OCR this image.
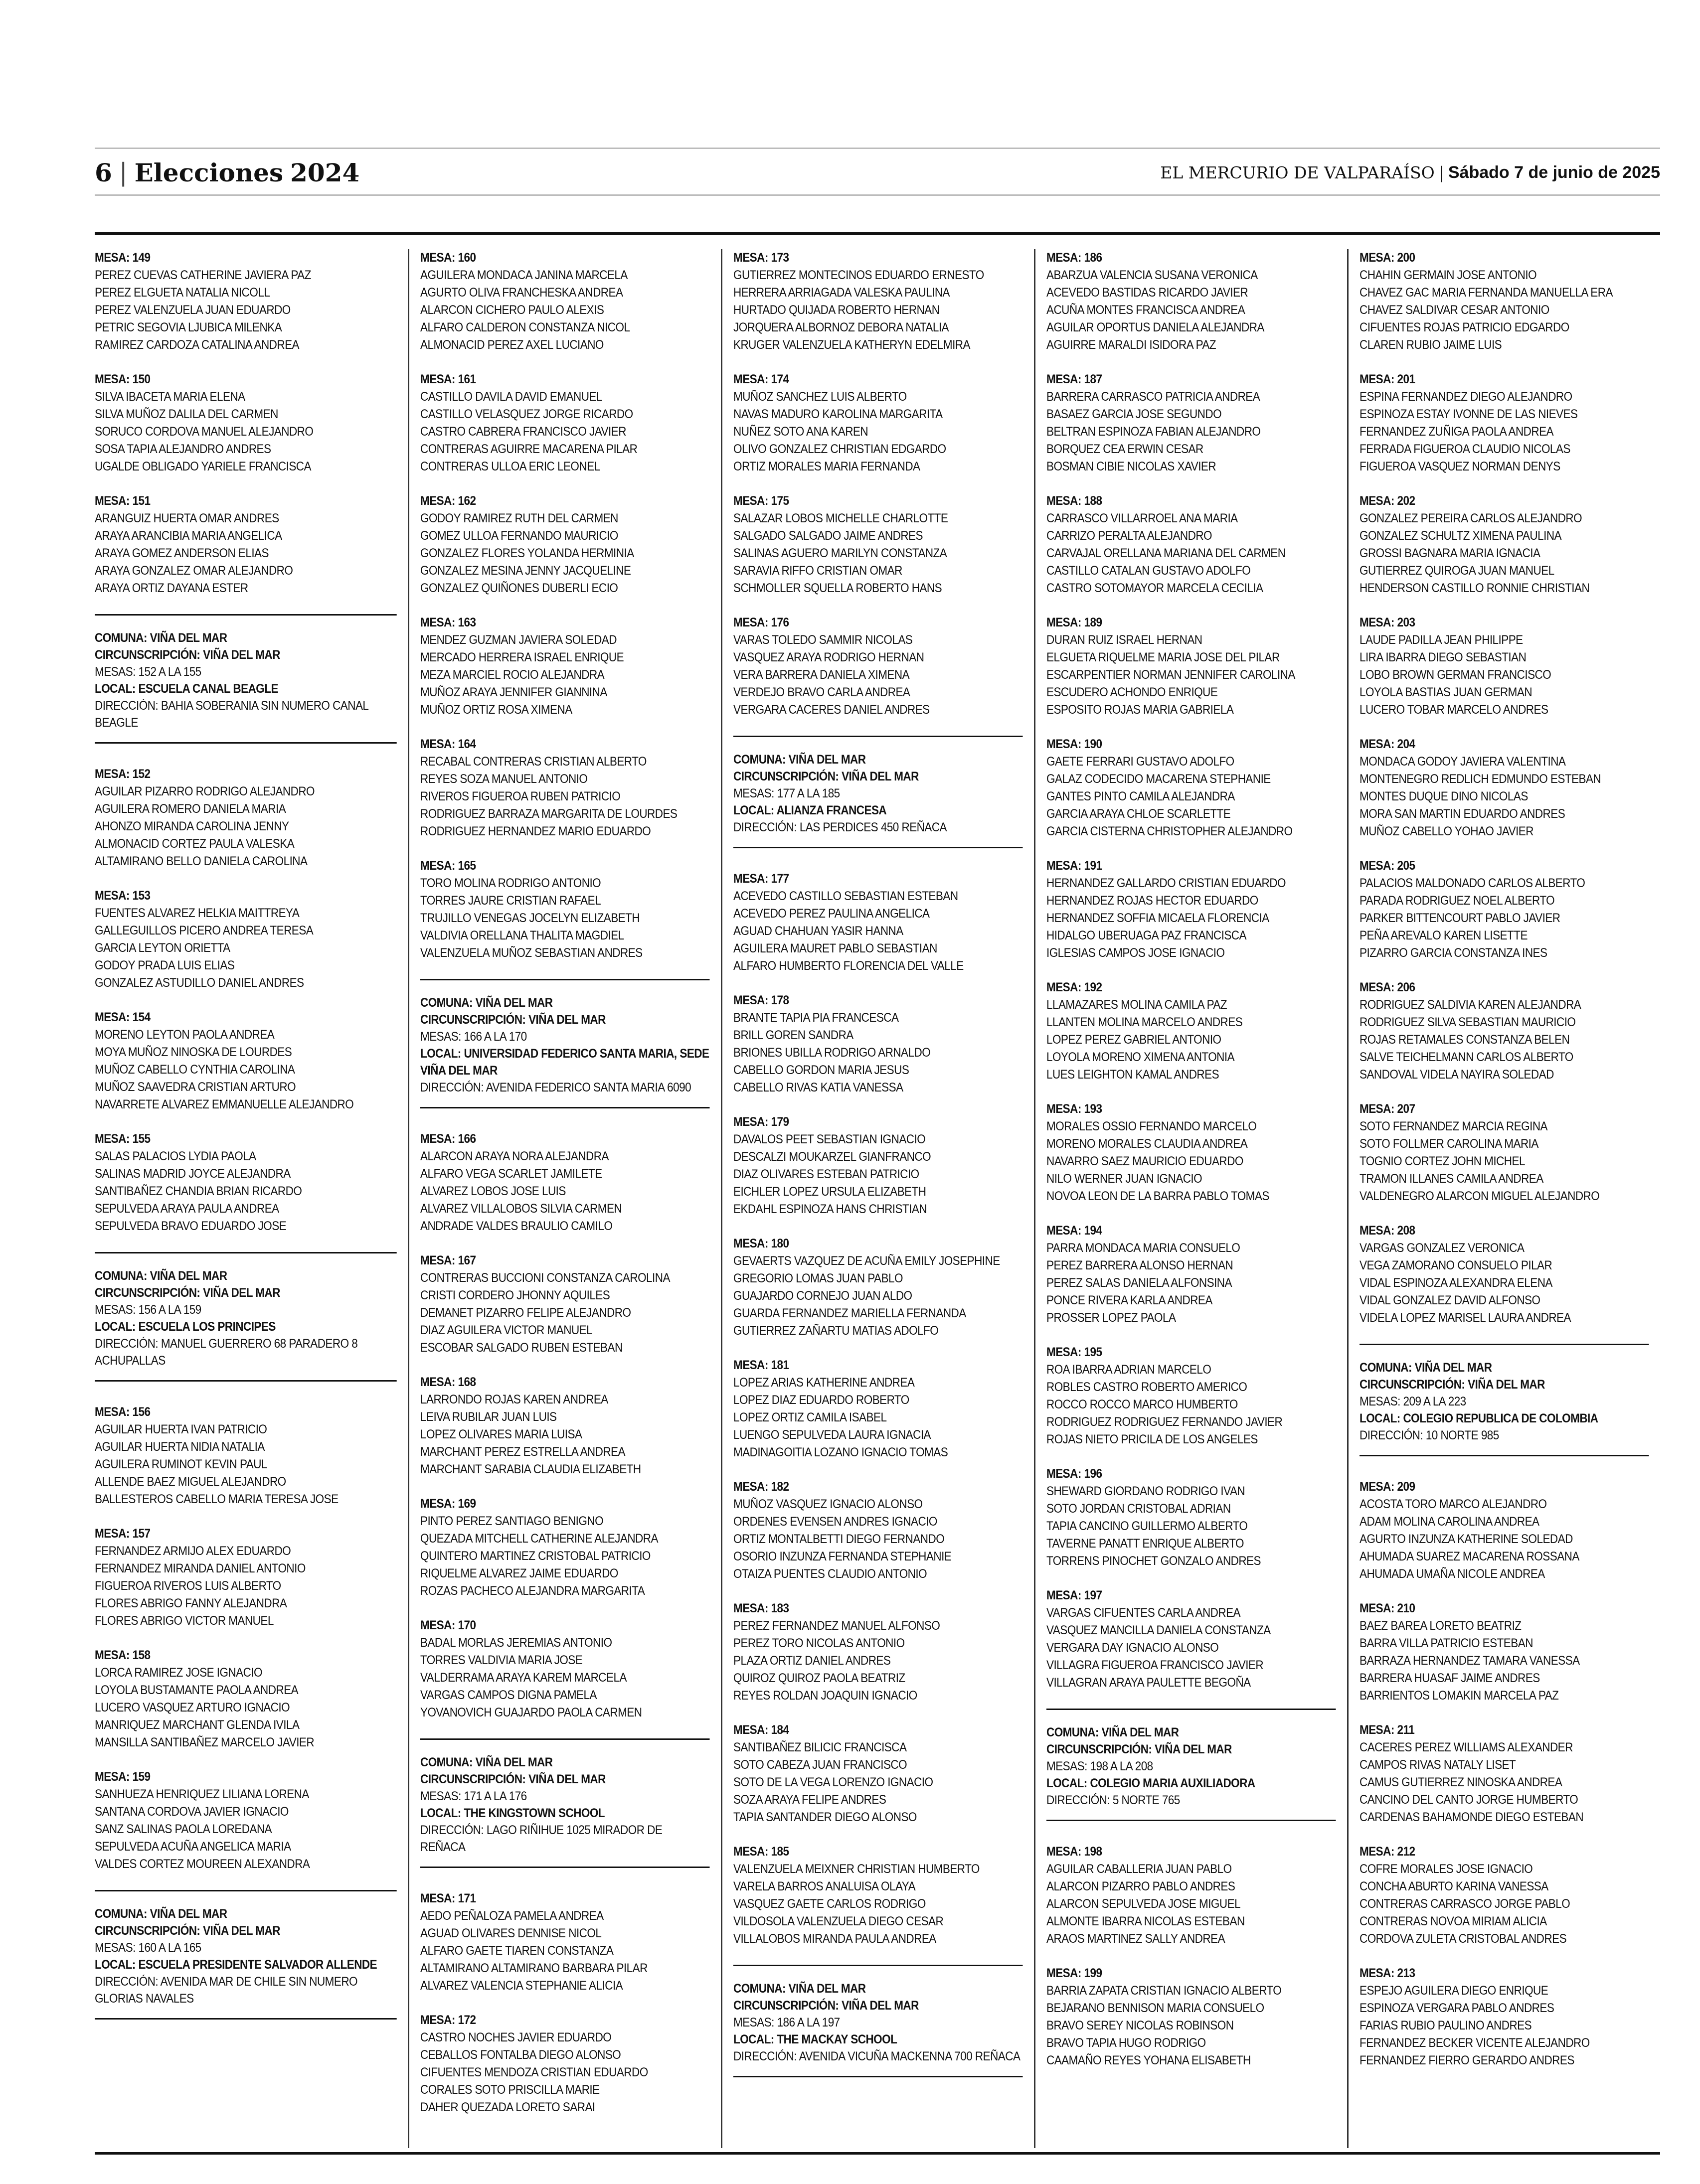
6 | Elecciones 2024	EL MERCURIO DE VALPARAÍSO | Sábado 7 de junio de 2025
MESA: 149
PEREZ CUEVAS CATHERINE JAVIERA PAZ
PEREZ ELGUETA NATALIA NICOLL
PEREZ VALENZUELA JUAN EDUARDO
PETRIC SEGOVIA LJUBICA MILENKA
RAMIREZ CARDOZA CATALINA ANDREA
MESA: 150
SILVA IBACETA MARIA ELENA
SILVA MUÑOZ DALILA DEL CARMEN
SORUCO CORDOVA MANUEL ALEJANDRO
SOSA TAPIA ALEJANDRO ANDRES
UGALDE OBLIGADO YARIELE FRANCISCA
MESA: 151
ARANGUIZ HUERTA OMAR ANDRES
ARAYA ARANCIBIA MARIA ANGELICA
ARAYA GOMEZ ANDERSON ELIAS
ARAYA GONZALEZ OMAR ALEJANDRO
ARAYA ORTIZ DAYANA ESTER
COMUNA: VIÑA DEL MAR
CIRCUNSCRIPCIÓN: VIÑA DEL MAR
MESAS: 152 A LA 155
LOCAL: ESCUELA CANAL BEAGLE
DIRECCIÓN: BAHIA SOBERANIA SIN NUMERO CANAL BEAGLE
MESA: 152
AGUILAR PIZARRO RODRIGO ALEJANDRO
AGUILERA ROMERO DANIELA MARIA
AHONZO MIRANDA CAROLINA JENNY
ALMONACID CORTEZ PAULA VALESKA
ALTAMIRANO BELLO DANIELA CAROLINA
MESA: 153
FUENTES ALVAREZ HELKIA MAITTREYA
GALLEGUILLOS PICERO ANDREA TERESA
GARCIA LEYTON ORIETTA
GODOY PRADA LUIS ELIAS
GONZALEZ ASTUDILLO DANIEL ANDRES
MESA: 154
MORENO LEYTON PAOLA ANDREA
MOYA MUÑOZ NINOSKA DE LOURDES
MUÑOZ CABELLO CYNTHIA CAROLINA
MUÑOZ SAAVEDRA CRISTIAN ARTURO
NAVARRETE ALVAREZ EMMANUELLE ALEJANDRO
MESA: 155
SALAS PALACIOS LYDIA PAOLA
SALINAS MADRID JOYCE ALEJANDRA
SANTIBAÑEZ CHANDIA BRIAN RICARDO
SEPULVEDA ARAYA PAULA ANDREA
SEPULVEDA BRAVO EDUARDO JOSE
COMUNA: VIÑA DEL MAR
CIRCUNSCRIPCIÓN: VIÑA DEL MAR
MESAS: 156 A LA 159
LOCAL: ESCUELA LOS PRINCIPES
DIRECCIÓN: MANUEL GUERRERO 68 PARADERO 8 ACHUPALLAS
MESA: 156
AGUILAR HUERTA IVAN PATRICIO
AGUILAR HUERTA NIDIA NATALIA
AGUILERA RUMINOT KEVIN PAUL
ALLENDE BAEZ MIGUEL ALEJANDRO
BALLESTEROS CABELLO MARIA TERESA JOSE
MESA: 157
FERNANDEZ ARMIJO ALEX EDUARDO
FERNANDEZ MIRANDA DANIEL ANTONIO
FIGUEROA RIVEROS LUIS ALBERTO
FLORES ABRIGO FANNY ALEJANDRA
FLORES ABRIGO VICTOR MANUEL
MESA: 158
LORCA RAMIREZ JOSE IGNACIO
LOYOLA BUSTAMANTE PAOLA ANDREA
LUCERO VASQUEZ ARTURO IGNACIO
MANRIQUEZ MARCHANT GLENDA IVILA
MANSILLA SANTIBAÑEZ MARCELO JAVIER
MESA: 159
SANHUEZA HENRIQUEZ LILIANA LORENA
SANTANA CORDOVA JAVIER IGNACIO
SANZ SALINAS PAOLA LOREDANA
SEPULVEDA ACUÑA ANGELICA MARIA
VALDES CORTEZ MOUREEN ALEXANDRA
COMUNA: VIÑA DEL MAR
CIRCUNSCRIPCIÓN: VIÑA DEL MAR
MESAS: 160 A LA 165
LOCAL: ESCUELA PRESIDENTE SALVADOR ALLENDE
DIRECCIÓN: AVENIDA MAR DE CHILE SIN NUMERO GLORIAS NAVALES
MESA: 160
AGUILERA MONDACA JANINA MARCELA
AGURTO OLIVA FRANCHESKA ANDREA
ALARCON CICHERO PAULO ALEXIS
ALFARO CALDERON CONSTANZA NICOL
ALMONACID PEREZ AXEL LUCIANO
MESA: 161
CASTILLO DAVILA DAVID EMANUEL
CASTILLO VELASQUEZ JORGE RICARDO
CASTRO CABRERA FRANCISCO JAVIER
CONTRERAS AGUIRRE MACARENA PILAR
CONTRERAS ULLOA ERIC LEONEL
MESA: 162
GODOY RAMIREZ RUTH DEL CARMEN
GOMEZ ULLOA FERNANDO MAURICIO
GONZALEZ FLORES YOLANDA HERMINIA
GONZALEZ MESINA JENNY JACQUELINE
GONZALEZ QUIÑONES DUBERLI ECIO
MESA: 163
MENDEZ GUZMAN JAVIERA SOLEDAD
MERCADO HERRERA ISRAEL ENRIQUE
MEZA MARCIEL ROCIO ALEJANDRA
MUÑOZ ARAYA JENNIFER GIANNINA
MUÑOZ ORTIZ ROSA XIMENA
MESA: 164
RECABAL CONTRERAS CRISTIAN ALBERTO
REYES SOZA MANUEL ANTONIO
RIVEROS FIGUEROA RUBEN PATRICIO
RODRIGUEZ BARRAZA MARGARITA DE LOURDES
RODRIGUEZ HERNANDEZ MARIO EDUARDO
MESA: 165
TORO MOLINA RODRIGO ANTONIO
TORRES JAURE CRISTIAN RAFAEL
TRUJILLO VENEGAS JOCELYN ELIZABETH
VALDIVIA ORELLANA THALITA MAGDIEL
VALENZUELA MUÑOZ SEBASTIAN ANDRES
COMUNA: VIÑA DEL MAR
CIRCUNSCRIPCIÓN: VIÑA DEL MAR
MESAS: 166 A LA 170
LOCAL: UNIVERSIDAD FEDERICO SANTA MARIA, SEDE VIÑA DEL MAR
DIRECCIÓN: AVENIDA FEDERICO SANTA MARIA 6090
MESA: 166
ALARCON ARAYA NORA ALEJANDRA
ALFARO VEGA SCARLET JAMILETE
ALVAREZ LOBOS JOSE LUIS
ALVAREZ VILLALOBOS SILVIA CARMEN
ANDRADE VALDES BRAULIO CAMILO
MESA: 167
CONTRERAS BUCCIONI CONSTANZA CAROLINA
CRISTI CORDERO JHONNY AQUILES
DEMANET PIZARRO FELIPE ALEJANDRO
DIAZ AGUILERA VICTOR MANUEL
ESCOBAR SALGADO RUBEN ESTEBAN
MESA: 168
LARRONDO ROJAS KAREN ANDREA
LEIVA RUBILAR JUAN LUIS
LOPEZ OLIVARES MARIA LUISA
MARCHANT PEREZ ESTRELLA ANDREA
MARCHANT SARABIA CLAUDIA ELIZABETH
MESA: 169
PINTO PEREZ SANTIAGO BENIGNO
QUEZADA MITCHELL CATHERINE ALEJANDRA
QUINTERO MARTINEZ CRISTOBAL PATRICIO
RIQUELME ALVAREZ JAIME EDUARDO
ROZAS PACHECO ALEJANDRA MARGARITA
MESA: 170
BADAL MORLAS JEREMIAS ANTONIO
TORRES VALDIVIA MARIA JOSE
VALDERRAMA ARAYA KAREM MARCELA
VARGAS CAMPOS DIGNA PAMELA
YOVANOVICH GUAJARDO PAOLA CARMEN
COMUNA: VIÑA DEL MAR
CIRCUNSCRIPCIÓN: VIÑA DEL MAR
MESAS: 171 A LA 176
LOCAL: THE KINGSTOWN SCHOOL
DIRECCIÓN: LAGO RIÑIHUE 1025 MIRADOR DE REÑACA
MESA: 171
AEDO PEÑALOZA PAMELA ANDREA
AGUAD OLIVARES DENNISE NICOL
ALFARO GAETE TIAREN CONSTANZA
ALTAMIRANO ALTAMIRANO BARBARA PILAR
ALVAREZ VALENCIA STEPHANIE ALICIA
MESA: 172
CASTRO NOCHES JAVIER EDUARDO
CEBALLOS FONTALBA DIEGO ALONSO
CIFUENTES MENDOZA CRISTIAN EDUARDO
CORALES SOTO PRISCILLA MARIE
DAHER QUEZADA LORETO SARAI
MESA: 173
GUTIERREZ MONTECINOS EDUARDO ERNESTO
HERRERA ARRIAGADA VALESKA PAULINA
HURTADO QUIJADA ROBERTO HERNAN
JORQUERA ALBORNOZ DEBORA NATALIA
KRUGER VALENZUELA KATHERYN EDELMIRA
MESA: 174
MUÑOZ SANCHEZ LUIS ALBERTO
NAVAS MADURO KAROLINA MARGARITA
NUÑEZ SOTO ANA KAREN
OLIVO GONZALEZ CHRISTIAN EDGARDO
ORTIZ MORALES MARIA FERNANDA
MESA: 175
SALAZAR LOBOS MICHELLE CHARLOTTE
SALGADO SALGADO JAIME ANDRES
SALINAS AGUERO MARILYN CONSTANZA
SARAVIA RIFFO CRISTIAN OMAR
SCHMOLLER SQUELLA ROBERTO HANS
MESA: 176
VARAS TOLEDO SAMMIR NICOLAS
VASQUEZ ARAYA RODRIGO HERNAN
VERA BARRERA DANIELA XIMENA
VERDEJO BRAVO CARLA ANDREA
VERGARA CACERES DANIEL ANDRES
COMUNA: VIÑA DEL MAR
CIRCUNSCRIPCIÓN: VIÑA DEL MAR
MESAS: 177 A LA 185
LOCAL: ALIANZA FRANCESA
DIRECCIÓN: LAS PERDICES 450 REÑACA
MESA: 177
ACEVEDO CASTILLO SEBASTIAN ESTEBAN
ACEVEDO PEREZ PAULINA ANGELICA
AGUAD CHAHUAN YASIR HANNA
AGUILERA MAURET PABLO SEBASTIAN
ALFARO HUMBERTO FLORENCIA DEL VALLE
MESA: 178
BRANTE TAPIA PIA FRANCESCA
BRILL GOREN SANDRA
BRIONES UBILLA RODRIGO ARNALDO
CABELLO GORDON MARIA JESUS
CABELLO RIVAS KATIA VANESSA
MESA: 179
DAVALOS PEET SEBASTIAN IGNACIO
DESCALZI MOUKARZEL GIANFRANCO
DIAZ OLIVARES ESTEBAN PATRICIO
EICHLER LOPEZ URSULA ELIZABETH
EKDAHL ESPINOZA HANS CHRISTIAN
MESA: 180
GEVAERTS VAZQUEZ DE ACUÑA EMILY JOSEPHINE
GREGORIO LOMAS JUAN PABLO
GUAJARDO CORNEJO JUAN ALDO
GUARDA FERNANDEZ MARIELLA FERNANDA
GUTIERREZ ZAÑARTU MATIAS ADOLFO
MESA: 181
LOPEZ ARIAS KATHERINE ANDREA
LOPEZ DIAZ EDUARDO ROBERTO
LOPEZ ORTIZ CAMILA ISABEL
LUENGO SEPULVEDA LAURA IGNACIA
MADINAGOITIA LOZANO IGNACIO TOMAS
MESA: 182
MUÑOZ VASQUEZ IGNACIO ALONSO
ORDENES EVENSEN ANDRES IGNACIO
ORTIZ MONTALBETTI DIEGO FERNANDO
OSORIO INZUNZA FERNANDA STEPHANIE
OTAIZA PUENTES CLAUDIO ANTONIO
MESA: 183
PEREZ FERNANDEZ MANUEL ALFONSO
PEREZ TORO NICOLAS ANTONIO
PLAZA ORTIZ DANIEL ANDRES
QUIROZ QUIROZ PAOLA BEATRIZ
REYES ROLDAN JOAQUIN IGNACIO
MESA: 184
SANTIBAÑEZ BILICIC FRANCISCA
SOTO CABEZA JUAN FRANCISCO
SOTO DE LA VEGA LORENZO IGNACIO
SOZA ARAYA FELIPE ANDRES
TAPIA SANTANDER DIEGO ALONSO
MESA: 185
VALENZUELA MEIXNER CHRISTIAN HUMBERTO
VARELA BARROS ANALUISA OLAYA
VASQUEZ GAETE CARLOS RODRIGO
VILDOSOLA VALENZUELA DIEGO CESAR
VILLALOBOS MIRANDA PAULA ANDREA
COMUNA: VIÑA DEL MAR
CIRCUNSCRIPCIÓN: VIÑA DEL MAR
MESAS: 186 A LA 197
LOCAL: THE MACKAY SCHOOL
DIRECCIÓN: AVENIDA VICUÑA MACKENNA 700 REÑACA
MESA: 186
ABARZUA VALENCIA SUSANA VERONICA
ACEVEDO BASTIDAS RICARDO JAVIER
ACUÑA MONTES FRANCISCA ANDREA
AGUILAR OPORTUS DANIELA ALEJANDRA
AGUIRRE MARALDI ISIDORA PAZ
MESA: 187
BARRERA CARRASCO PATRICIA ANDREA
BASAEZ GARCIA JOSE SEGUNDO
BELTRAN ESPINOZA FABIAN ALEJANDRO
BORQUEZ CEA ERWIN CESAR
BOSMAN CIBIE NICOLAS XAVIER
MESA: 188
CARRASCO VILLARROEL ANA MARIA
CARRIZO PERALTA ALEJANDRO
CARVAJAL ORELLANA MARIANA DEL CARMEN
CASTILLO CATALAN GUSTAVO ADOLFO
CASTRO SOTOMAYOR MARCELA CECILIA
MESA: 189
DURAN RUIZ ISRAEL HERNAN
ELGUETA RIQUELME MARIA JOSE DEL PILAR
ESCARPENTIER NORMAN JENNIFER CAROLINA
ESCUDERO ACHONDO ENRIQUE
ESPOSITO ROJAS MARIA GABRIELA
MESA: 190
GAETE FERRARI GUSTAVO ADOLFO
GALAZ CODECIDO MACARENA STEPHANIE
GANTES PINTO CAMILA ALEJANDRA
GARCIA ARAYA CHLOE SCARLETTE
GARCIA CISTERNA CHRISTOPHER ALEJANDRO
MESA: 191
HERNANDEZ GALLARDO CRISTIAN EDUARDO
HERNANDEZ ROJAS HECTOR EDUARDO
HERNANDEZ SOFFIA MICAELA FLORENCIA
HIDALGO UBERUAGA PAZ FRANCISCA
IGLESIAS CAMPOS JOSE IGNACIO
MESA: 192
LLAMAZARES MOLINA CAMILA PAZ
LLANTEN MOLINA MARCELO ANDRES
LOPEZ PEREZ GABRIEL ANTONIO
LOYOLA MORENO XIMENA ANTONIA
LUES LEIGHTON KAMAL ANDRES
MESA: 193
MORALES OSSIO FERNANDO MARCELO
MORENO MORALES CLAUDIA ANDREA
NAVARRO SAEZ MAURICIO EDUARDO
NILO WERNER JUAN IGNACIO
NOVOA LEON DE LA BARRA PABLO TOMAS
MESA: 194
PARRA MONDACA MARIA CONSUELO
PEREZ BARRERA ALONSO HERNAN
PEREZ SALAS DANIELA ALFONSINA
PONCE RIVERA KARLA ANDREA
PROSSER LOPEZ PAOLA
MESA: 195
ROA IBARRA ADRIAN MARCELO
ROBLES CASTRO ROBERTO AMERICO
ROCCO ROCCO MARCO HUMBERTO
RODRIGUEZ RODRIGUEZ FERNANDO JAVIER
ROJAS NIETO PRICILA DE LOS ANGELES
MESA: 196
SHEWARD GIORDANO RODRIGO IVAN
SOTO JORDAN CRISTOBAL ADRIAN
TAPIA CANCINO GUILLERMO ALBERTO
TAVERNE PANATT ENRIQUE ALBERTO
TORRENS PINOCHET GONZALO ANDRES
MESA: 197
VARGAS CIFUENTES CARLA ANDREA
VASQUEZ MANCILLA DANIELA CONSTANZA
VERGARA DAY IGNACIO ALONSO
VILLAGRA FIGUEROA FRANCISCO JAVIER
VILLAGRAN ARAYA PAULETTE BEGOÑA
COMUNA: VIÑA DEL MAR
CIRCUNSCRIPCIÓN: VIÑA DEL MAR
MESAS: 198 A LA 208
LOCAL: COLEGIO MARIA AUXILIADORA
DIRECCIÓN: 5 NORTE 765
MESA: 198
AGUILAR CABALLERIA JUAN PABLO
ALARCON PIZARRO PABLO ANDRES
ALARCON SEPULVEDA JOSE MIGUEL
ALMONTE IBARRA NICOLAS ESTEBAN
ARAOS MARTINEZ SALLY ANDREA
MESA: 199
BARRIA ZAPATA CRISTIAN IGNACIO ALBERTO
BEJARANO BENNISON MARIA CONSUELO
BRAVO SEREY NICOLAS ROBINSON
BRAVO TAPIA HUGO RODRIGO
CAAMAÑO REYES YOHANA ELISABETH
MESA: 200
CHAHIN GERMAIN JOSE ANTONIO
CHAVEZ GAC MARIA FERNANDA MANUELLA ERA
CHAVEZ SALDIVAR CESAR ANTONIO
CIFUENTES ROJAS PATRICIO EDGARDO
CLAREN RUBIO JAIME LUIS
MESA: 201
ESPINA FERNANDEZ DIEGO ALEJANDRO
ESPINOZA ESTAY IVONNE DE LAS NIEVES
FERNANDEZ ZUÑIGA PAOLA ANDREA
FERRADA FIGUEROA CLAUDIO NICOLAS
FIGUEROA VASQUEZ NORMAN DENYS
MESA: 202
GONZALEZ PEREIRA CARLOS ALEJANDRO
GONZALEZ SCHULTZ XIMENA PAULINA
GROSSI BAGNARA MARIA IGNACIA
GUTIERREZ QUIROGA JUAN MANUEL
HENDERSON CASTILLO RONNIE CHRISTIAN
MESA: 203
LAUDE PADILLA JEAN PHILIPPE
LIRA IBARRA DIEGO SEBASTIAN
LOBO BROWN GERMAN FRANCISCO
LOYOLA BASTIAS JUAN GERMAN
LUCERO TOBAR MARCELO ANDRES
MESA: 204
MONDACA GODOY JAVIERA VALENTINA
MONTENEGRO REDLICH EDMUNDO ESTEBAN
MONTES DUQUE DINO NICOLAS
MORA SAN MARTIN EDUARDO ANDRES
MUÑOZ CABELLO YOHAO JAVIER
MESA: 205
PALACIOS MALDONADO CARLOS ALBERTO
PARADA RODRIGUEZ NOEL ALBERTO
PARKER BITTENCOURT PABLO JAVIER
PEÑA AREVALO KAREN LISETTE
PIZARRO GARCIA CONSTANZA INES
MESA: 206
RODRIGUEZ SALDIVIA KAREN ALEJANDRA
RODRIGUEZ SILVA SEBASTIAN MAURICIO
ROJAS RETAMALES CONSTANZA BELEN
SALVE TEICHELMANN CARLOS ALBERTO
SANDOVAL VIDELA NAYIRA SOLEDAD
MESA: 207
SOTO FERNANDEZ MARCIA REGINA
SOTO FOLLMER CAROLINA MARIA
TOGNIO CORTEZ JOHN MICHEL
TRAMON ILLANES CAMILA ANDREA
VALDENEGRO ALARCON MIGUEL ALEJANDRO
MESA: 208
VARGAS GONZALEZ VERONICA
VEGA ZAMORANO CONSUELO PILAR
VIDAL ESPINOZA ALEXANDRA ELENA
VIDAL GONZALEZ DAVID ALFONSO
VIDELA LOPEZ MARISEL LAURA ANDREA
COMUNA: VIÑA DEL MAR
CIRCUNSCRIPCIÓN: VIÑA DEL MAR
MESAS: 209 A LA 223
LOCAL: COLEGIO REPUBLICA DE COLOMBIA
DIRECCIÓN: 10 NORTE 985
MESA: 209
ACOSTA TORO MARCO ALEJANDRO
ADAM MOLINA CAROLINA ANDREA
AGURTO INZUNZA KATHERINE SOLEDAD
AHUMADA SUAREZ MACARENA ROSSANA
AHUMADA UMAÑA NICOLE ANDREA
MESA: 210
BAEZ BAREA LORETO BEATRIZ
BARRA VILLA PATRICIO ESTEBAN
BARRAZA HERNANDEZ TAMARA VANESSA
BARRERA HUASAF JAIME ANDRES
BARRIENTOS LOMAKIN MARCELA PAZ
MESA: 211
CACERES PEREZ WILLIAMS ALEXANDER
CAMPOS RIVAS NATALY LISET
CAMUS GUTIERREZ NINOSKA ANDREA
CANCINO DEL CANTO JORGE HUMBERTO
CARDENAS BAHAMONDE DIEGO ESTEBAN
MESA: 212
COFRE MORALES JOSE IGNACIO
CONCHA ABURTO KARINA VANESSA
CONTRERAS CARRASCO JORGE PABLO
CONTRERAS NOVOA MIRIAM ALICIA
CORDOVA ZULETA CRISTOBAL ANDRES
MESA: 213
ESPEJO AGUILERA DIEGO ENRIQUE
ESPINOZA VERGARA PABLO ANDRES
FARIAS RUBIO PAULINO ANDRES
FERNANDEZ BECKER VICENTE ALEJANDRO
FERNANDEZ FIERRO GERARDO ANDRES
